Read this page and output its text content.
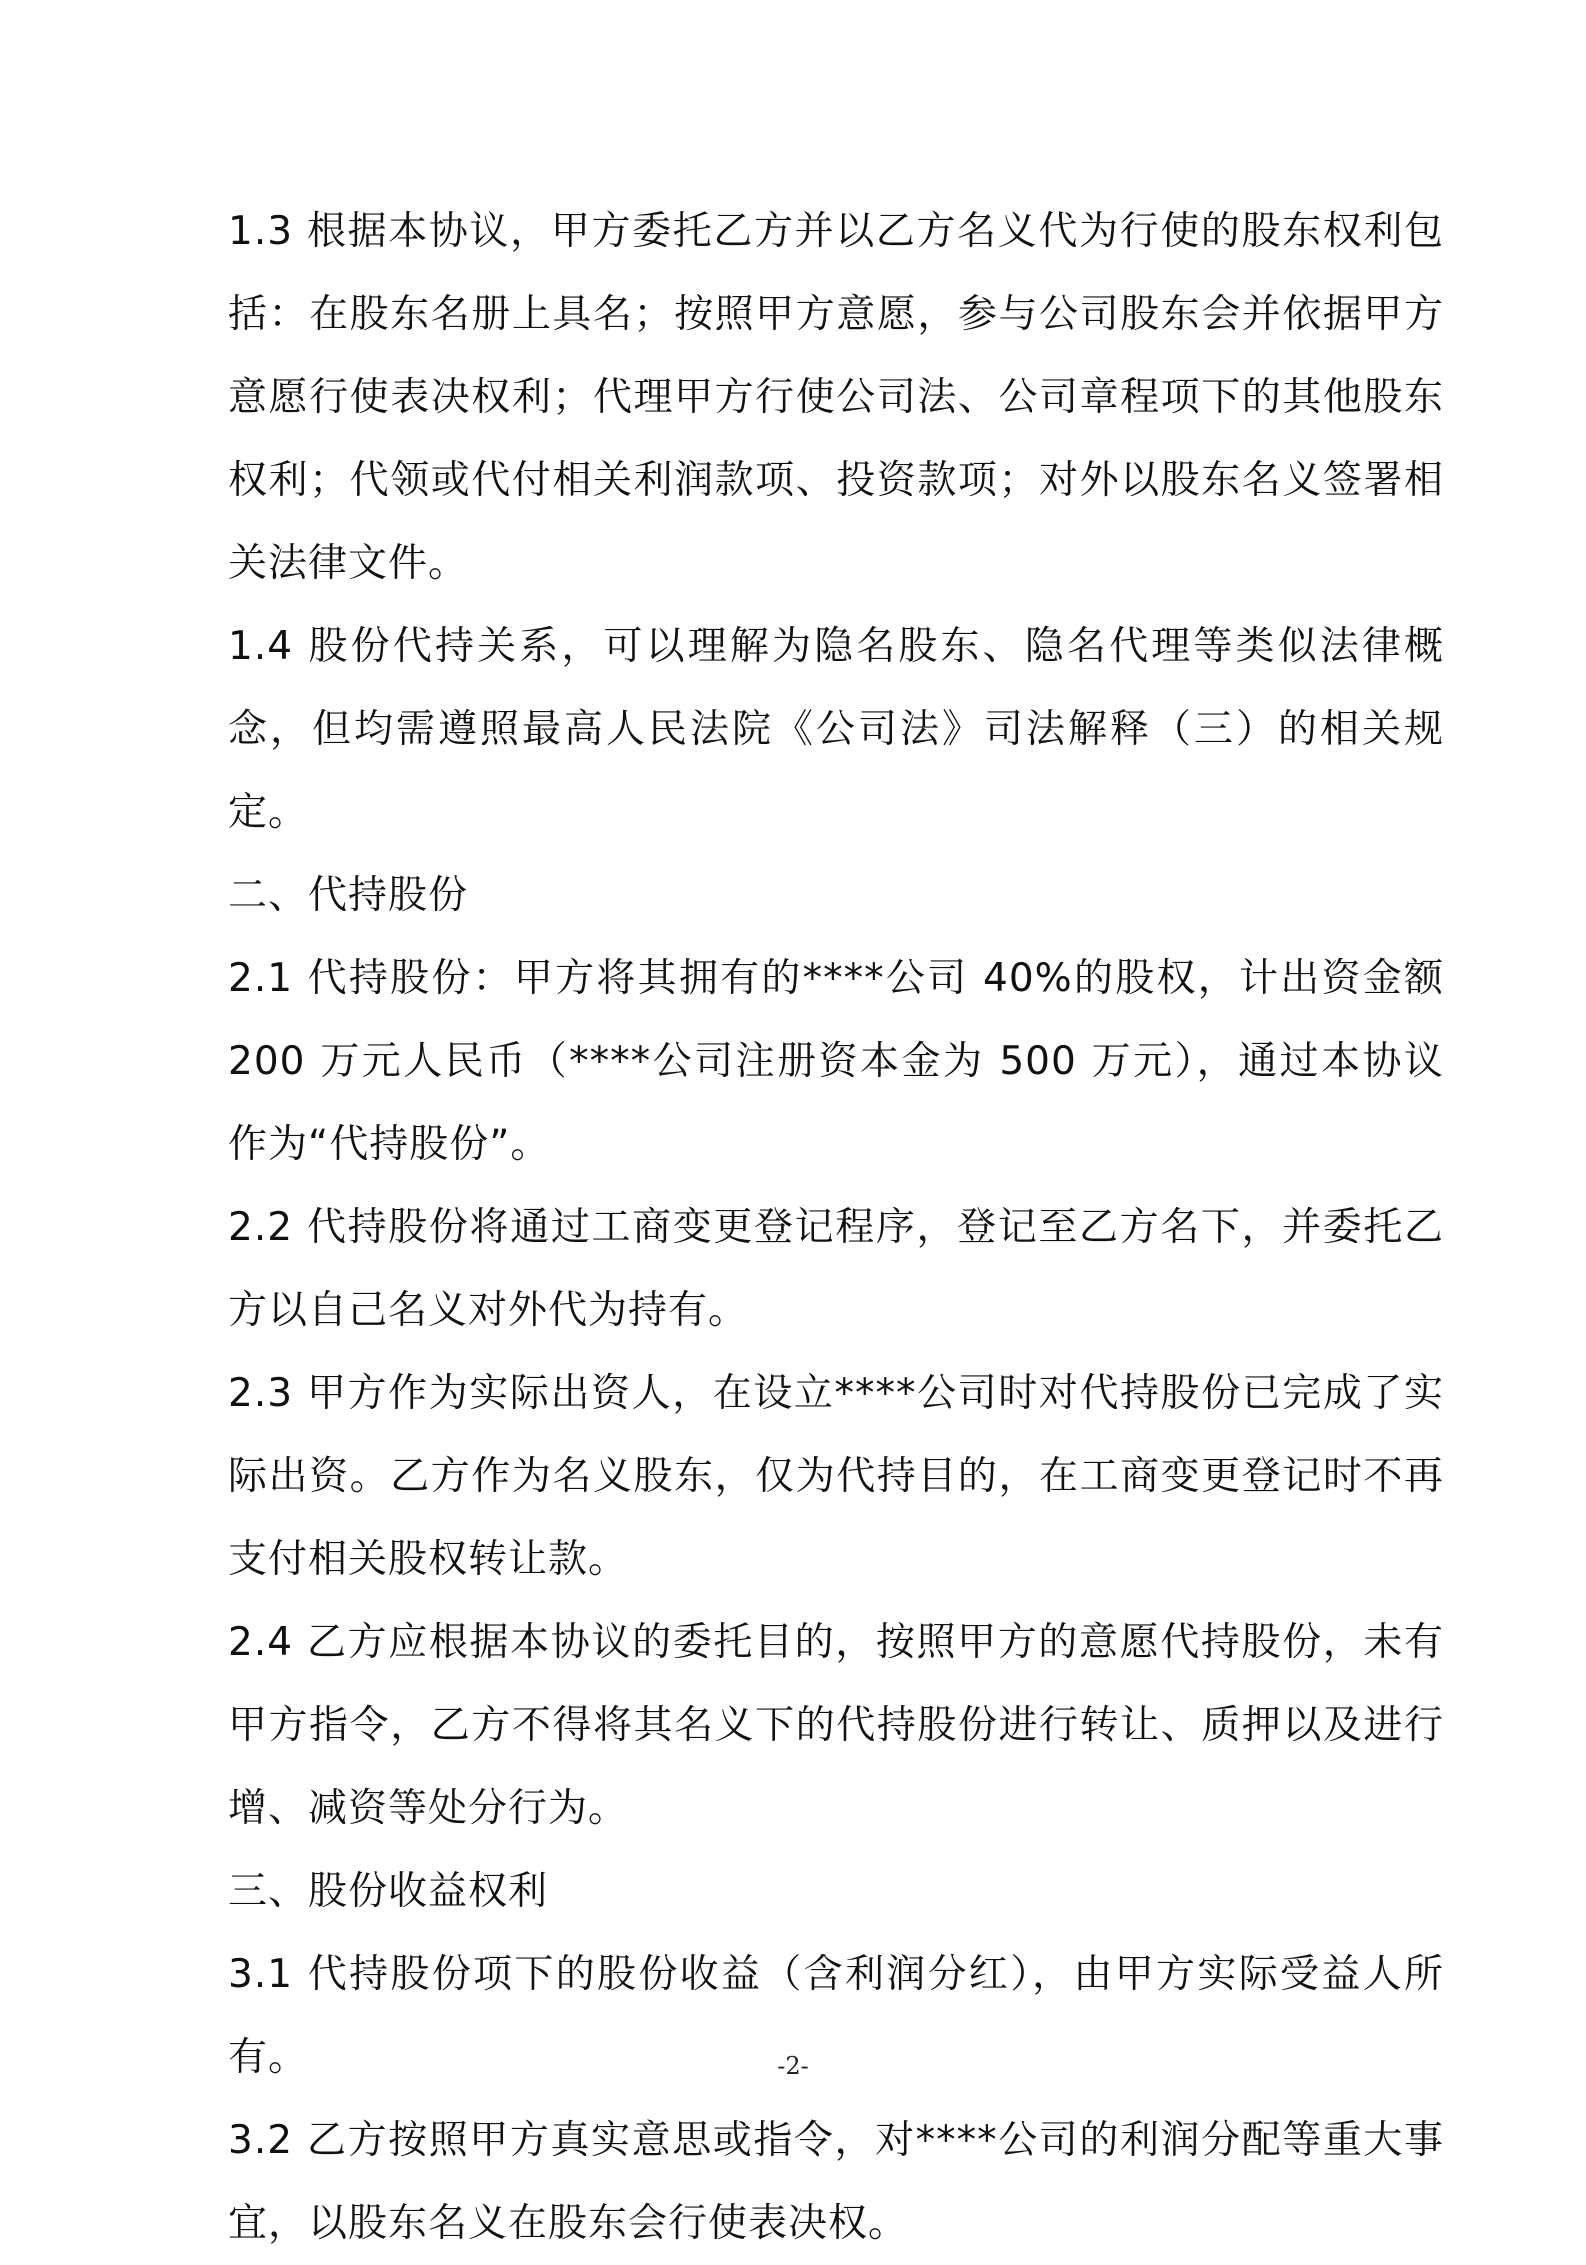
1.3 根据本协议，甲方委托乙方并以乙方名义代为行使的股东权利包括：在股东名册上具名；按照甲方意愿，参与公司股东会并依据甲方意愿行使表决权利；代理甲方行使公司法、公司章程项下的其他股东权利；代领或代付相关利润款项、投资款项；对外以股东名义签署相关法律文件。

1.4 股份代持关系，可以理解为隐名股东、隐名代理等类似法律概念，但均需遵照最高人民法院《公司法》司法解释（三）的相关规定。

二、代持股份

2.1 代持股份：甲方将其拥有的****公司 40%的股权，计出资金额 200 万元人民币（****公司注册资本金为 500 万元），通过本协议作为“代持股份”。

2.2 代持股份将通过工商变更登记程序，登记至乙方名下，并委托乙方以自己名义对外代为持有。

2.3 甲方作为实际出资人，在设立****公司时对代持股份已完成了实际出资。乙方作为名义股东，仅为代持目的，在工商变更登记时不再支付相关股权转让款。

2.4 乙方应根据本协议的委托目的，按照甲方的意愿代持股份，未有甲方指令，乙方不得将其名义下的代持股份进行转让、质押以及进行增、减资等处分行为。

三、股份收益权利

3.1 代持股份项下的股份收益（含利润分红），由甲方实际受益人所有。

3.2 乙方按照甲方真实意思或指令，对****公司的利润分配等重大事宜，以股东名义在股东会行使表决权。

-2-
